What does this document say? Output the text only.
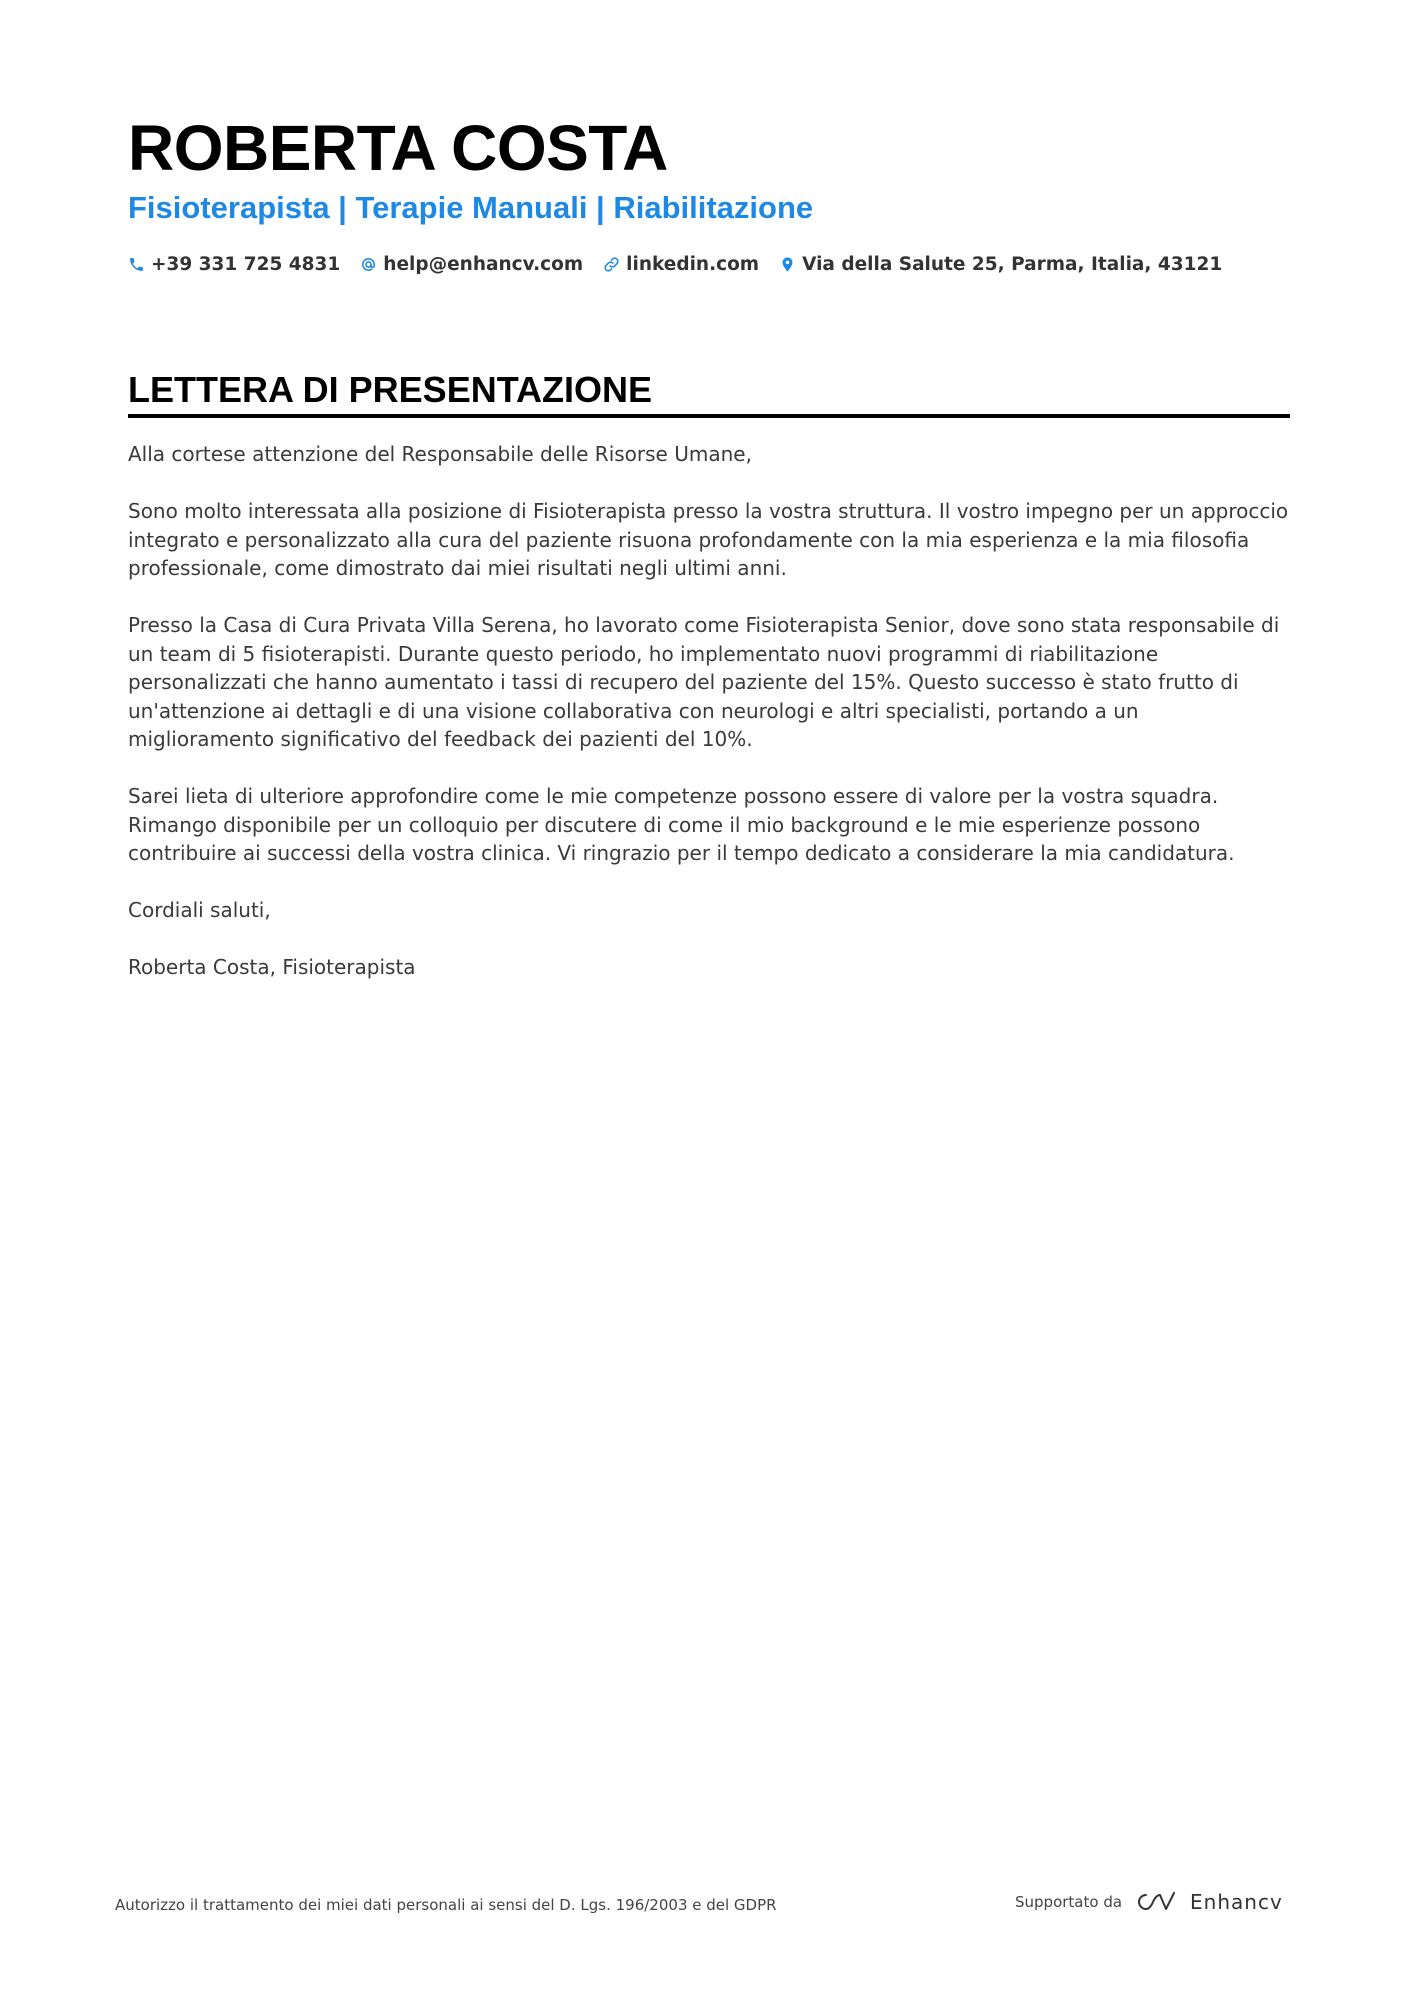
ROBERTA COSTA
Fisioterapista | Terapie Manuali | Riabilitazione
+39 331 725 4831 help@enhancv.com linkedin.com Via della Salute 25, Parma, Italia, 43121
LETTERA DI PRESENTAZIONE

Alla cortese attenzione del Responsabile delle Risorse Umane,

Sono molto interessata alla posizione di Fisioterapista presso la vostra struttura. Il vostro impegno per un approccio integrato e personalizzato alla cura del paziente risuona profondamente con la mia esperienza e la mia filosofia professionale, come dimostrato dai miei risultati negli ultimi anni.

Presso la Casa di Cura Privata Villa Serena, ho lavorato come Fisioterapista Senior, dove sono stata responsabile di un team di 5 fisioterapisti. Durante questo periodo, ho implementato nuovi programmi di riabilitazione personalizzati che hanno aumentato i tassi di recupero del paziente del 15%. Questo successo è stato frutto di un'attenzione ai dettagli e di una visione collaborativa con neurologi e altri specialisti, portando a un miglioramento significativo del feedback dei pazienti del 10%.

Sarei lieta di ulteriore approfondire come le mie competenze possono essere di valore per la vostra squadra. Rimango disponibile per un colloquio per discutere di come il mio background e le mie esperienze possono contribuire ai successi della vostra clinica. Vi ringrazio per il tempo dedicato a considerare la mia candidatura.

Cordiali saluti,

Roberta Costa, Fisioterapista

Autorizzo il trattamento dei miei dati personali ai sensi del D. Lgs. 196/2003 e del GDPR	Supportato da	Enhancv
